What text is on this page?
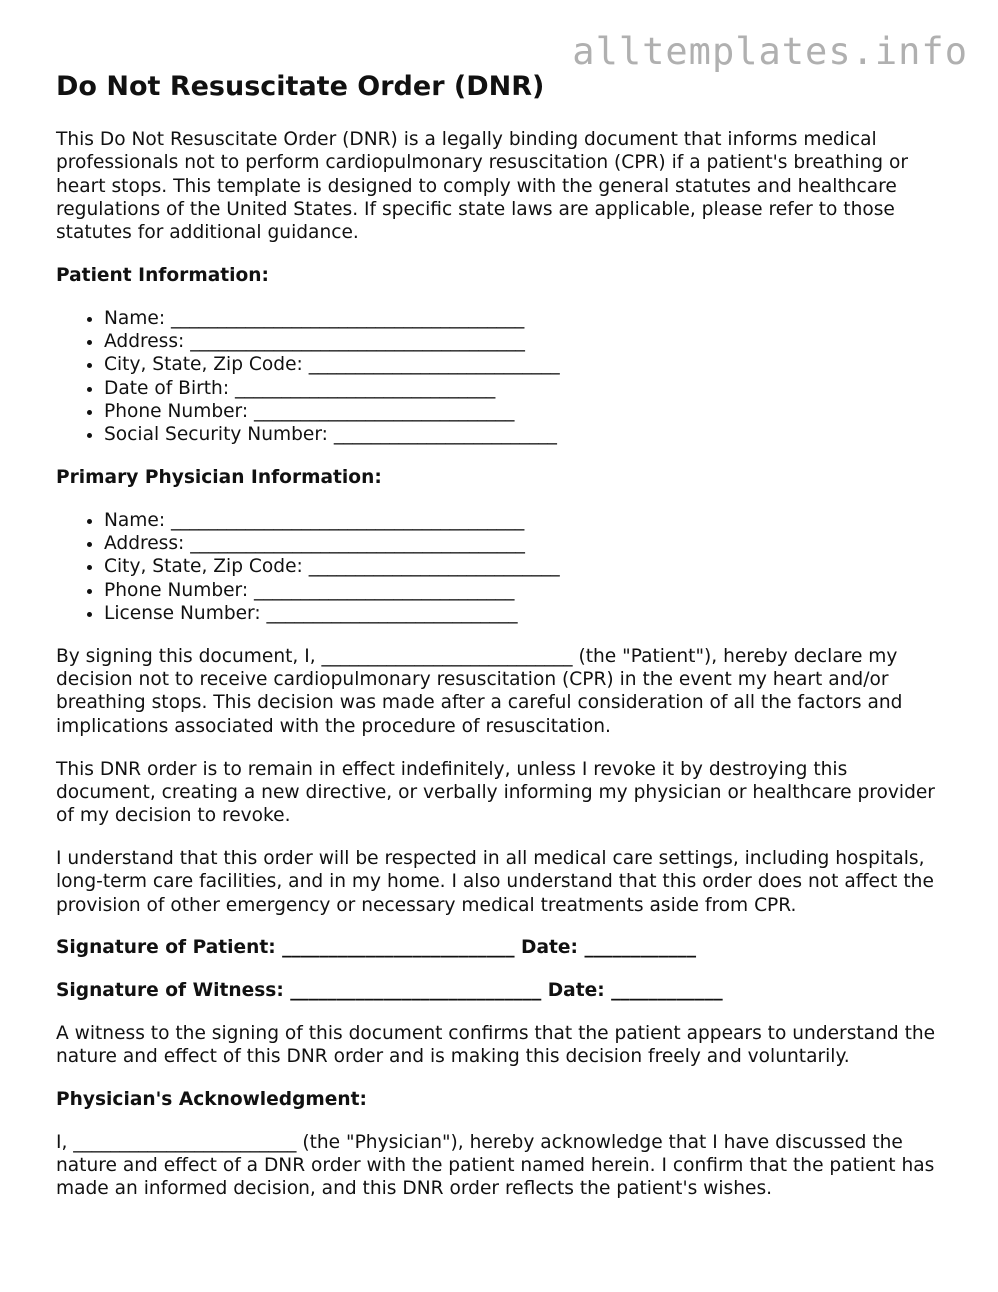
alltemplates.info
Do Not Resuscitate Order (DNR)

This Do Not Resuscitate Order (DNR) is a legally binding document that informs medical professionals not to perform cardiopulmonary resuscitation (CPR) if a patient's breathing or heart stops. This template is designed to comply with the general statutes and healthcare regulations of the United States. If specific state laws are applicable, please refer to those statutes for additional guidance.

Patient Information:
• Name: ______________________________________
• Address: ____________________________________
• City, State, Zip Code: ___________________________
• Date of Birth: ____________________________
• Phone Number: ____________________________
• Social Security Number: ________________________
Primary Physician Information:
• Name: ______________________________________
• Address: ____________________________________
• City, State, Zip Code: ___________________________
• Phone Number: ____________________________
• License Number: ___________________________

By signing this document, I, ___________________________ (the "Patient"), hereby declare my decision not to receive cardiopulmonary resuscitation (CPR) in the event my heart and/or breathing stops. This decision was made after a careful consideration of all the factors and implications associated with the procedure of resuscitation.

This DNR order is to remain in effect indefinitely, unless I revoke it by destroying this document, creating a new directive, or verbally informing my physician or healthcare provider of my decision to revoke.

I understand that this order will be respected in all medical care settings, including hospitals, long-term care facilities, and in my home. I also understand that this order does not affect the provision of other emergency or necessary medical treatments aside from CPR.

Signature of Patient: _________________________ Date: ____________
Signature of Witness: ___________________________ Date: ____________

A witness to the signing of this document confirms that the patient appears to understand the nature and effect of this DNR order and is making this decision freely and voluntarily.

Physician's Acknowledgment:

I, ________________________ (the "Physician"), hereby acknowledge that I have discussed the nature and effect of a DNR order with the patient named herein. I confirm that the patient has made an informed decision, and this DNR order reflects the patient's wishes.
